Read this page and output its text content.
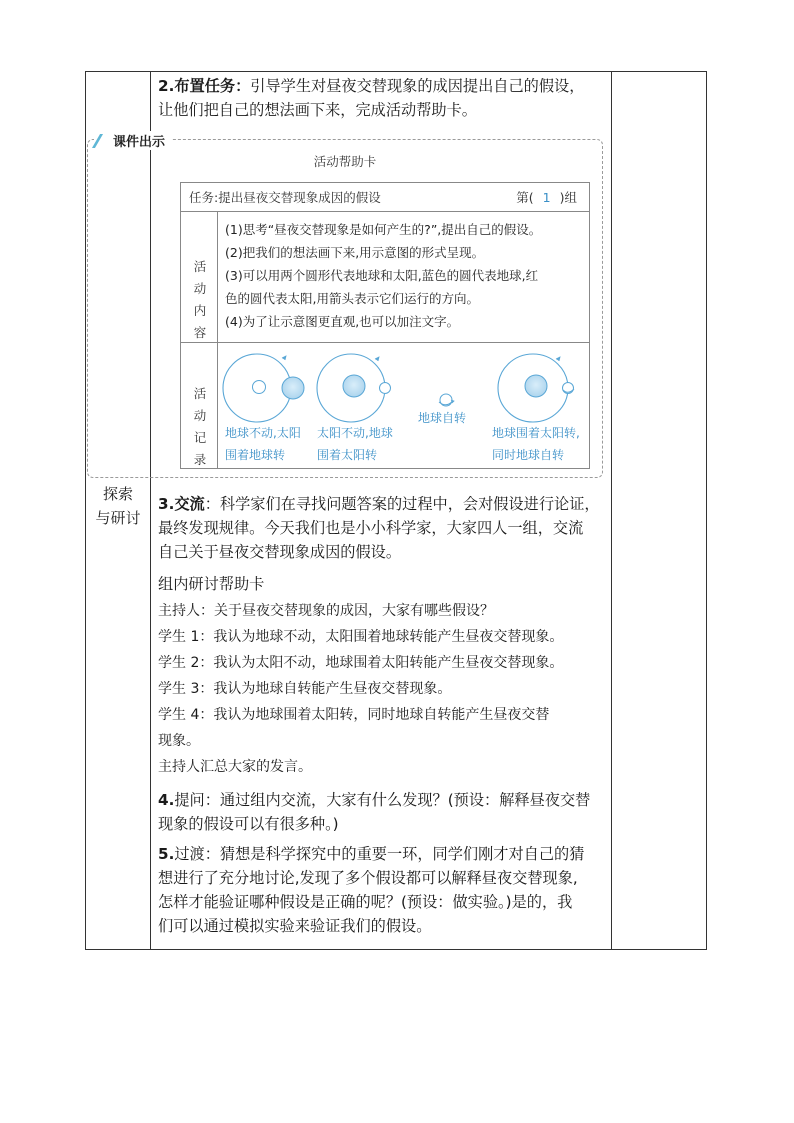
探索
与研讨

2.布置任务：引导学生对昼夜交替现象的成因提出自己的假设，

让他们把自己的想法画下来，完成活动帮助卡。

课件出示
活动帮助卡
任务:提出昼夜交替现象成因的假设	第( 1 )组
活动
内容
(1)思考“昼夜交替现象是如何产生的?”,提出自己的假设。
(2)把我们的想法画下来,用示意图的形式呈现。
(3)可以用两个圆形代表地球和太阳,蓝色的圆代表地球,红
色的圆代表太阳,用箭头表示它们运行的方向。
(4)为了让示意图更直观,也可以加注文字。
活动
记录
地球不动,太阳
围着地球转
太阳不动,地球
围着太阳转
地球自转
地球围着太阳转,
同时地球自转

3.交流：科学家们在寻找问题答案的过程中，会对假设进行论证，

最终发现规律。今天我们也是小小科学家，大家四人一组，交流

自己关于昼夜交替现象成因的假设。

组内研讨帮助卡

主持人：关于昼夜交替现象的成因，大家有哪些假设？
学生 1：我认为地球不动，太阳围着地球转能产生昼夜交替现象。
学生 2：我认为太阳不动，地球围着太阳转能产生昼夜交替现象。
学生 3：我认为地球自转能产生昼夜交替现象。
学生 4：我认为地球围着太阳转，同时地球自转能产生昼夜交替
现象。
主持人汇总大家的发言。

4.提问：通过组内交流，大家有什么发现？(预设：解释昼夜交替

现象的假设可以有很多种。)

5.过渡：猜想是科学探究中的重要一环，同学们刚才对自己的猜

想进行了充分地讨论,发现了多个假设都可以解释昼夜交替现象,

怎样才能验证哪种假设是正确的呢？(预设：做实验。)是的，我

们可以通过模拟实验来验证我们的假设。
